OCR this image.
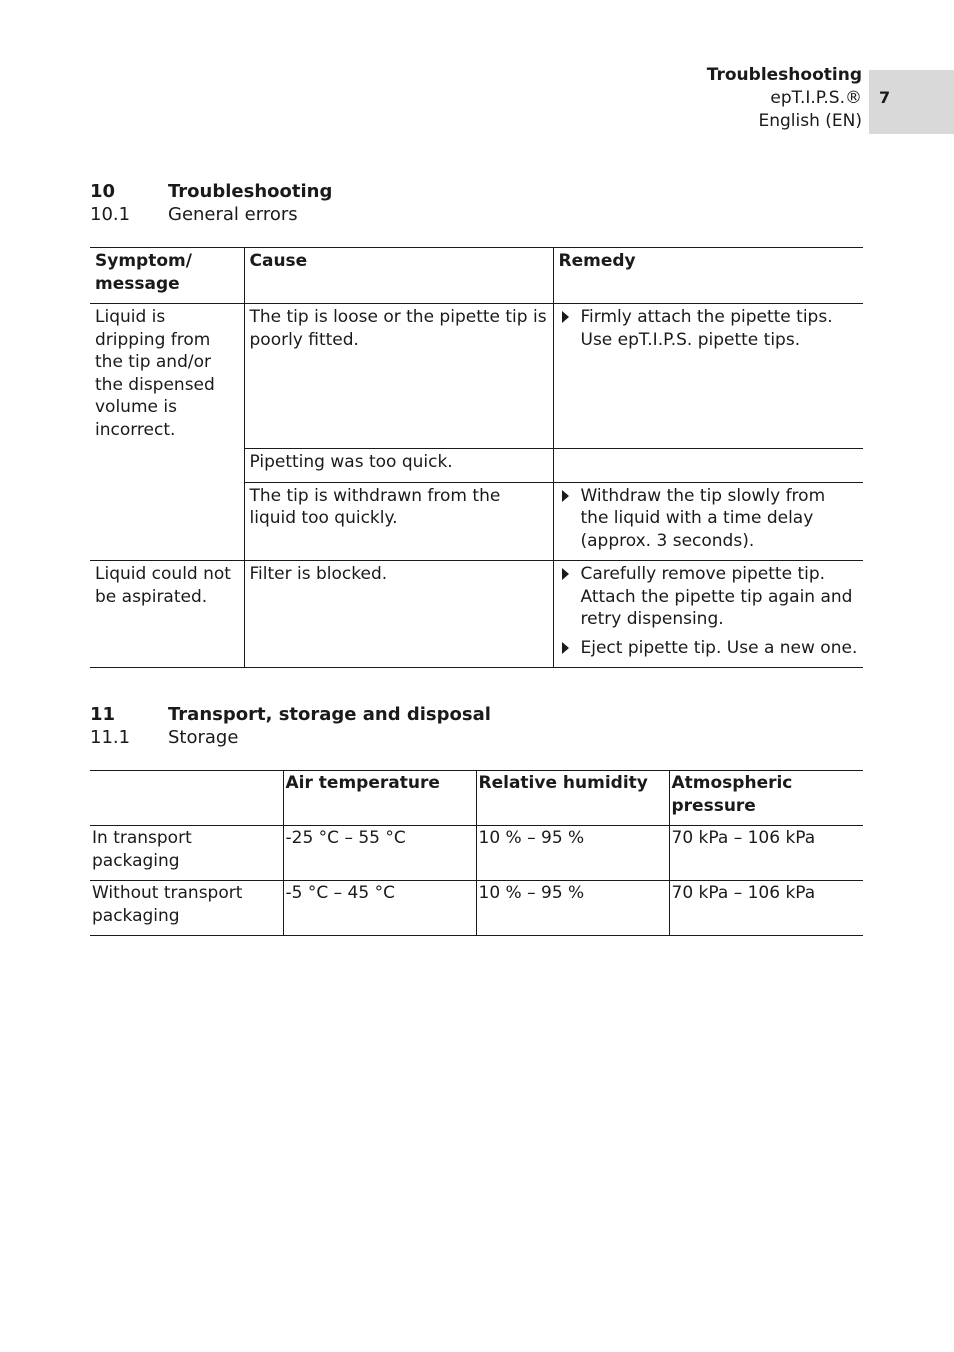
Troubleshooting
epT.I.P.S.®
English (EN)
7
10	Troubleshooting
10.1	General errors
Symptom/ message	Cause	Remedy
Liquid is dripping from the tip and/or the dispensed volume is incorrect.	The tip is loose or the pipette tip is poorly fitted.	Firmly attach the pipette tips. Use epT.I.P.S. pipette tips.

	Pipetting was too quick.	
	The tip is withdrawn from the liquid too quickly.	Withdraw the tip slowly from the liquid with a time delay (approx. 3 seconds).

Liquid could not be aspirated.	Filter is blocked.	Carefully remove pipette tip. Attach the pipette tip again and retry dispensing.
Eject pipette tip. Use a new one.
11	Transport, storage and disposal
11.1	Storage
	Air temperature	Relative humidity	Atmospheric pressure
In transport packaging	-25 °C – 55 °C	10 % – 95 %	70 kPa – 106 kPa
Without transport packaging	-5 °C – 45 °C	10 % – 95 %	70 kPa – 106 kPa
